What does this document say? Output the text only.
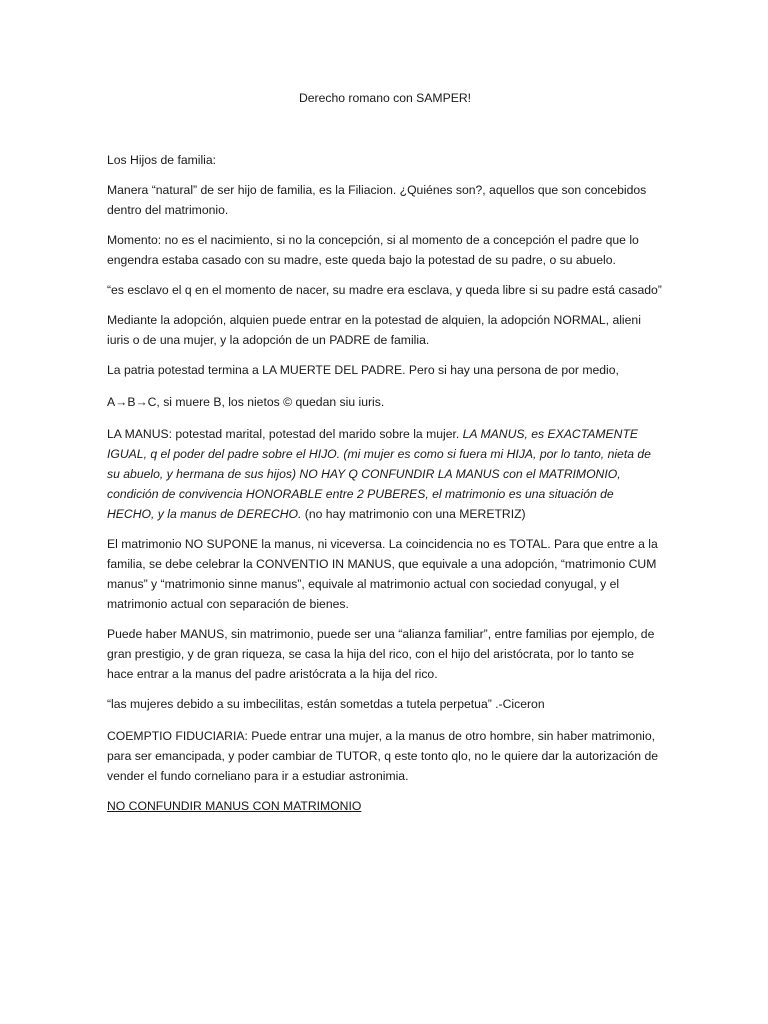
Derecho romano con SAMPER!

Los Hijos de familia:

Manera “natural” de ser hijo de familia, es la Filiacion. ¿Quiénes son?, aquellos que son concebidos dentro del matrimonio.

Momento: no es el nacimiento, si no la concepción, si al momento de a concepción el padre que lo engendra estaba casado con su madre, este queda bajo la potestad de su padre, o su abuelo.

“es esclavo el q en el momento de nacer, su madre era esclava, y queda libre si su padre está casado”

Mediante la adopción, alquien puede entrar en la potestad de alquien, la adopción NORMAL, alieni iuris o de una mujer, y la adopción de un PADRE de familia.

La patria potestad termina a LA MUERTE DEL PADRE. Pero si hay una persona de por medio,

A→B→C, si muere B, los nietos © quedan siu iuris.

LA MANUS: potestad marital, potestad del marido sobre la mujer. LA MANUS, es EXACTAMENTE IGUAL, q el poder del padre sobre el HIJO. (mi mujer es como si fuera mi HIJA, por lo tanto, nieta de su abuelo, y hermana de sus hijos) NO HAY Q CONFUNDIR LA MANUS con el MATRIMONIO, condición de convivencia HONORABLE entre 2 PUBERES, el matrimonio es una situación de HECHO, y la manus de DERECHO. (no hay matrimonio con una MERETRIZ)

El matrimonio NO SUPONE la manus, ni viceversa. La coincidencia no es TOTAL. Para que entre a la familia, se debe celebrar la CONVENTIO IN MANUS, que equivale a una adopción, “matrimonio CUM manus” y “matrimonio sinne manus”, equivale al matrimonio actual con sociedad conyugal, y el matrimonio actual con separación de bienes.

Puede haber MANUS, sin matrimonio, puede ser una “alianza familiar”, entre familias por ejemplo, de gran prestigio, y de gran riqueza, se casa la hija del rico, con el hijo del aristócrata, por lo tanto se hace entrar a la manus del padre aristócrata a la hija del rico.

“las mujeres debido a su imbecilitas, están sometdas a tutela perpetua” .-Ciceron

COEMPTIO FIDUCIARIA: Puede entrar una mujer, a la manus de otro hombre, sin haber matrimonio, para ser emancipada, y poder cambiar de TUTOR, q este tonto qlo, no le quiere dar la autorización de vender el fundo corneliano para ir a estudiar astronimia.

NO CONFUNDIR MANUS CON MATRIMONIO
